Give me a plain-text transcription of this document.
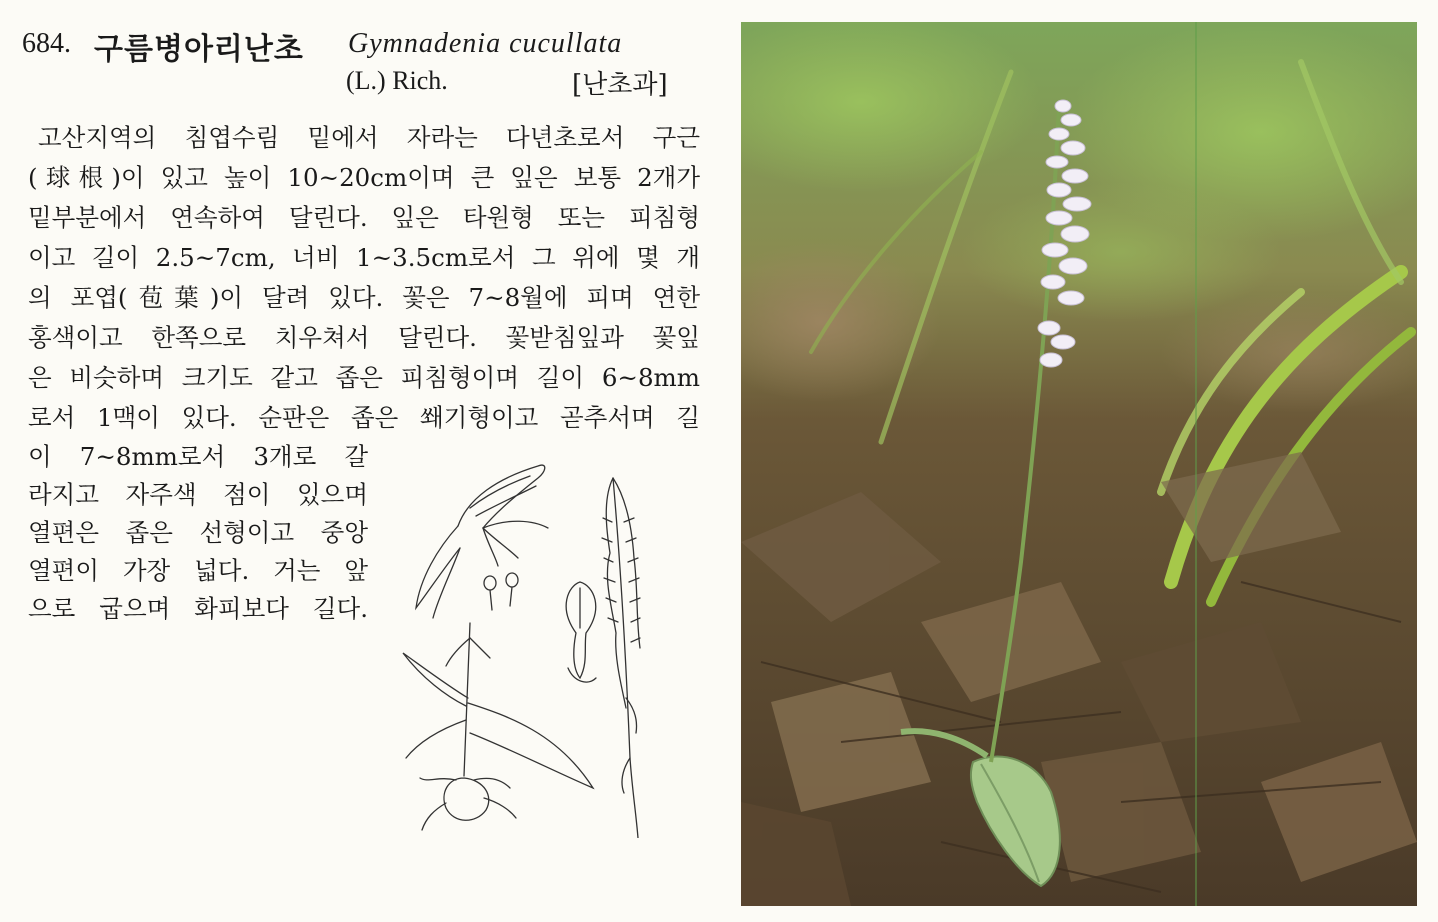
684. 구름병아리난초 Gymnadenia cucullata
(L.) Rich.	[난초과]
고산지역의 침엽수림 밑에서 자라는 다년초로서 구근
(球根)이 있고 높이 10~20cm이며 큰 잎은 보통 2개가
밑부분에서 연속하여 달린다. 잎은 타원형 또는 피침형
이고 길이 2.5~7cm, 너비 1~3.5cm로서 그 위에 몇 개
의 포엽(苞葉)이 달려 있다. 꽃은 7~8월에 피며 연한
홍색이고 한쪽으로 치우쳐서 달린다. 꽃받침잎과 꽃잎
은 비슷하며 크기도 같고 좁은 피침형이며 길이 6~8mm
로서 1맥이 있다. 순판은 좁은 쐐기형이고 곧추서며 길
이 7~8mm로서 3개로 갈
라지고 자주색 점이 있으며
열편은 좁은 선형이고 중앙
열편이 가장 넓다. 거는 앞
으로 굽으며 화피보다 길다.
